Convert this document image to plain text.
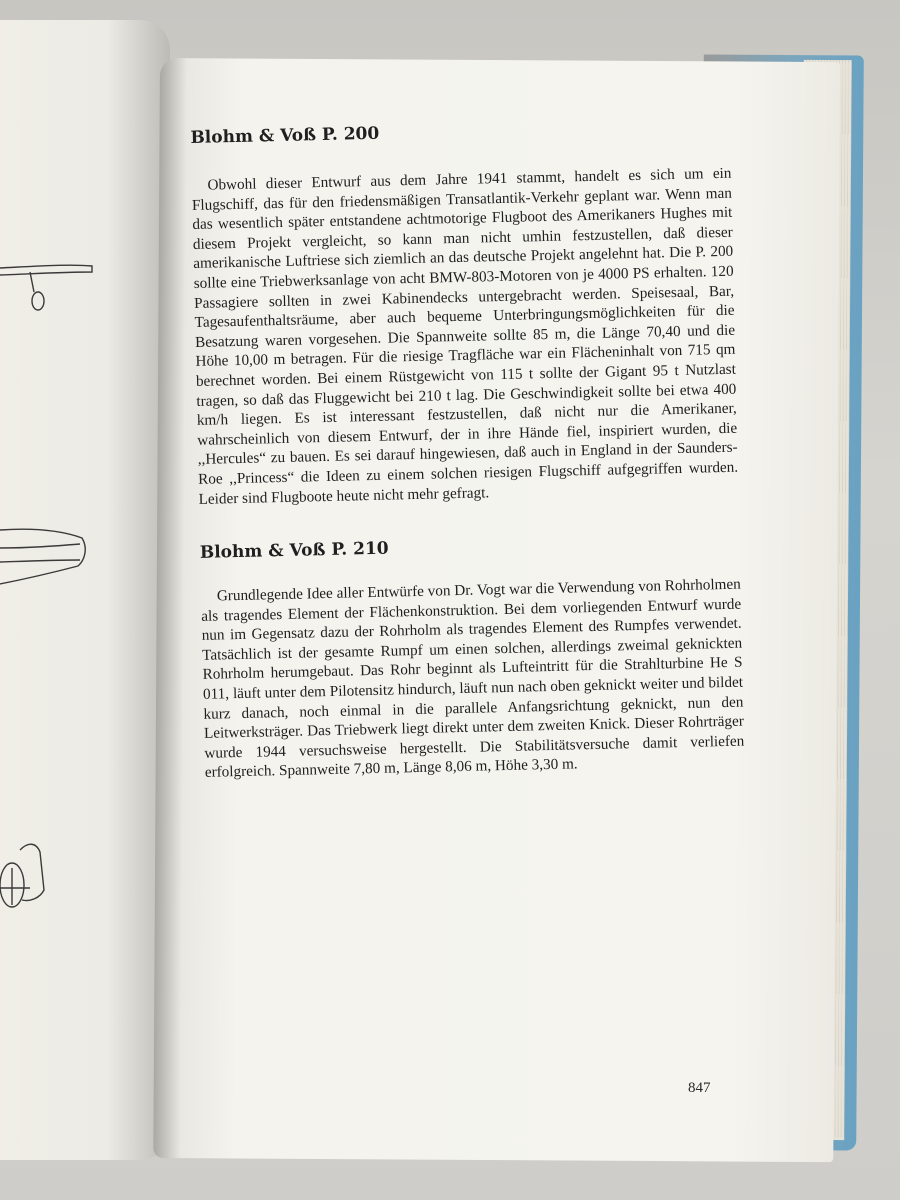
Blohm & Voß P. 200

Obwohl dieser Entwurf aus dem Jahre 1941 stammt, handelt es sich um ein Flugschiff, das für den friedensmäßigen Transatlantik-Verkehr geplant war. Wenn man das wesentlich später entstandene achtmotorige Flugboot des Amerikaners Hughes mit diesem Projekt vergleicht, so kann man nicht umhin festzustellen, daß dieser amerikanische Luftriese sich ziemlich an das deutsche Projekt angelehnt hat. Die P. 200 sollte eine Triebwerksanlage von acht BMW-803-Motoren von je 4000 PS erhalten. 120 Passagiere sollten in zwei Kabinendecks untergebracht werden. Speisesaal, Bar, Tagesaufenthaltsräume, aber auch bequeme Unterbringungsmöglichkeiten für die Besatzung waren vorgesehen. Die Spannweite sollte 85 m, die Länge 70,40 und die Höhe 10,00 m betragen. Für die riesige Tragfläche war ein Flächeninhalt von 715 qm berechnet worden. Bei einem Rüstgewicht von 115 t sollte der Gigant 95 t Nutzlast tragen, so daß das Fluggewicht bei 210 t lag. Die Geschwindigkeit sollte bei etwa 400 km/h liegen. Es ist interessant festzustellen, daß nicht nur die Amerikaner, wahrscheinlich von diesem Entwurf, der in ihre Hände fiel, inspiriert wurden, die ,,Hercules“ zu bauen. Es sei darauf hingewiesen, daß auch in England in der Saunders-Roe ,,Princess“ die Ideen zu einem solchen riesigen Flugschiff aufgegriffen wurden. Leider sind Flugboote heute nicht mehr gefragt.

Blohm & Voß P. 210

Grundlegende Idee aller Entwürfe von Dr. Vogt war die Verwendung von Rohrholmen als tragendes Element der Flächenkonstruktion. Bei dem vorliegenden Entwurf wurde nun im Gegensatz dazu der Rohrholm als tragendes Element des Rumpfes verwendet. Tatsächlich ist der gesamte Rumpf um einen solchen, allerdings zweimal geknickten Rohrholm herumgebaut. Das Rohr beginnt als Lufteintritt für die Strahlturbine He S 011, läuft unter dem Pilotensitz hindurch, läuft nun nach oben geknickt weiter und bildet kurz danach, noch einmal in die parallele Anfangsrichtung geknickt, nun den Leitwerksträger. Das Triebwerk liegt direkt unter dem zweiten Knick. Dieser Rohrträger wurde 1944 versuchsweise hergestellt. Die Stabilitätsversuche damit verliefen erfolgreich. Spannweite 7,80 m, Länge 8,06 m, Höhe 3,30 m.

847
